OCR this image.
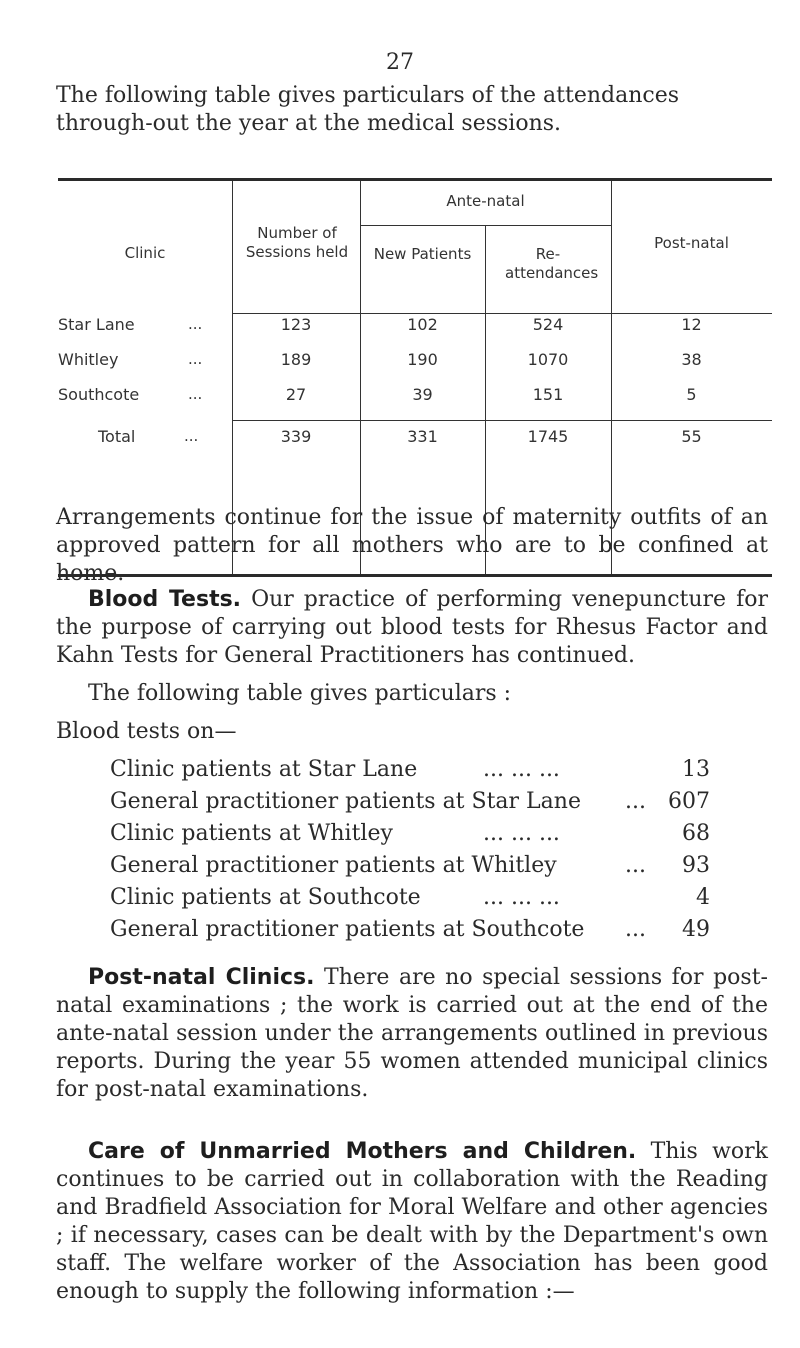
27

The following table gives particulars of the attendances through-out the year at the medical sessions.

Clinic
Number of Sessions held
Ante-natal
New Patients	Re- attendances
Post-natal
Star Lane	...	123	102	524	12
Whitley	...	189	190	1070	38
Southcote	...	27	39	151	5
Total	...	339	331	1745	55

Arrangements continue for the issue of maternity outfits of an approved pattern for all mothers who are to be confined at home.

Blood Tests. Our practice of performing venepuncture for the purpose of carrying out blood tests for Rhesus Factor and Kahn Tests for General Practitioners has continued.

The following table gives particulars :

Blood tests on—

Clinic patients at Star Lane	... ... ...	13
General practitioner patients at Star Lane ... 607
Clinic patients at Whitley	... ... ...	68
General practitioner patients at Whitley	... 93
Clinic patients at Southcote	... ... ...	4
General practitioner patients at Southcote ... 49

Post-natal Clinics. There are no special sessions for post-natal examinations ; the work is carried out at the end of the ante-natal session under the arrangements outlined in previous reports. During the year 55 women attended municipal clinics for post-natal examinations.

Care of Unmarried Mothers and Children. This work continues to be carried out in collaboration with the Reading and Bradfield Association for Moral Welfare and other agencies ; if necessary, cases can be dealt with by the Department's own staff. The welfare worker of the Association has been good enough to supply the following information :—
